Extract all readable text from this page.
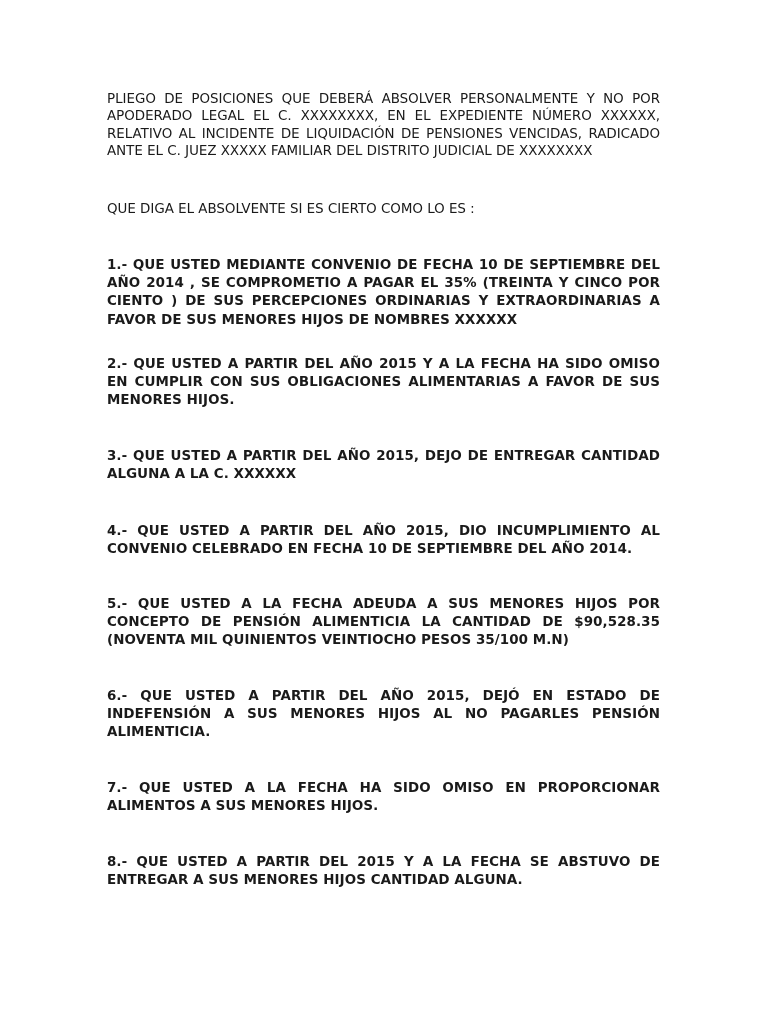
PLIEGO DE POSICIONES QUE DEBERÁ ABSOLVER PERSONALMENTE Y NO POR APODERADO LEGAL EL C. XXXXXXXX, EN EL EXPEDIENTE NÚMERO XXXXXX, RELATIVO AL INCIDENTE DE LIQUIDACIÓN DE PENSIONES VENCIDAS, RADICADO ANTE EL C. JUEZ XXXXX FAMILIAR DEL DISTRITO JUDICIAL DE XXXXXXXX

QUE DIGA EL ABSOLVENTE SI ES CIERTO COMO LO ES :

1.- QUE USTED MEDIANTE CONVENIO DE FECHA 10 DE SEPTIEMBRE DEL AÑO 2014 , SE COMPROMETIO A PAGAR EL 35% (TREINTA Y CINCO POR CIENTO ) DE SUS PERCEPCIONES ORDINARIAS Y EXTRAORDINARIAS A FAVOR DE SUS MENORES HIJOS DE NOMBRES XXXXXX

2.- QUE USTED A PARTIR DEL AÑO 2015 Y A LA FECHA HA SIDO OMISO EN CUMPLIR CON SUS OBLIGACIONES ALIMENTARIAS A FAVOR DE SUS MENORES HIJOS.

3.- QUE USTED A PARTIR DEL AÑO 2015, DEJO DE ENTREGAR CANTIDAD ALGUNA A LA C. XXXXXX

4.- QUE USTED A PARTIR DEL AÑO 2015, DIO INCUMPLIMIENTO AL CONVENIO CELEBRADO EN FECHA 10 DE SEPTIEMBRE DEL AÑO 2014.

5.- QUE USTED A LA FECHA ADEUDA A SUS MENORES HIJOS POR CONCEPTO DE PENSIÓN ALIMENTICIA LA CANTIDAD DE $90,528.35 (NOVENTA MIL QUINIENTOS VEINTIOCHO PESOS 35/100 M.N)

6.- QUE USTED A PARTIR DEL AÑO 2015, DEJÓ EN ESTADO DE INDEFENSIÓN A SUS MENORES HIJOS AL NO PAGARLES PENSIÓN ALIMENTICIA.

7.- QUE USTED A LA FECHA HA SIDO OMISO EN PROPORCIONAR ALIMENTOS A SUS MENORES HIJOS.

8.- QUE USTED A PARTIR DEL 2015 Y A LA FECHA SE ABSTUVO DE ENTREGAR A SUS MENORES HIJOS CANTIDAD ALGUNA.
